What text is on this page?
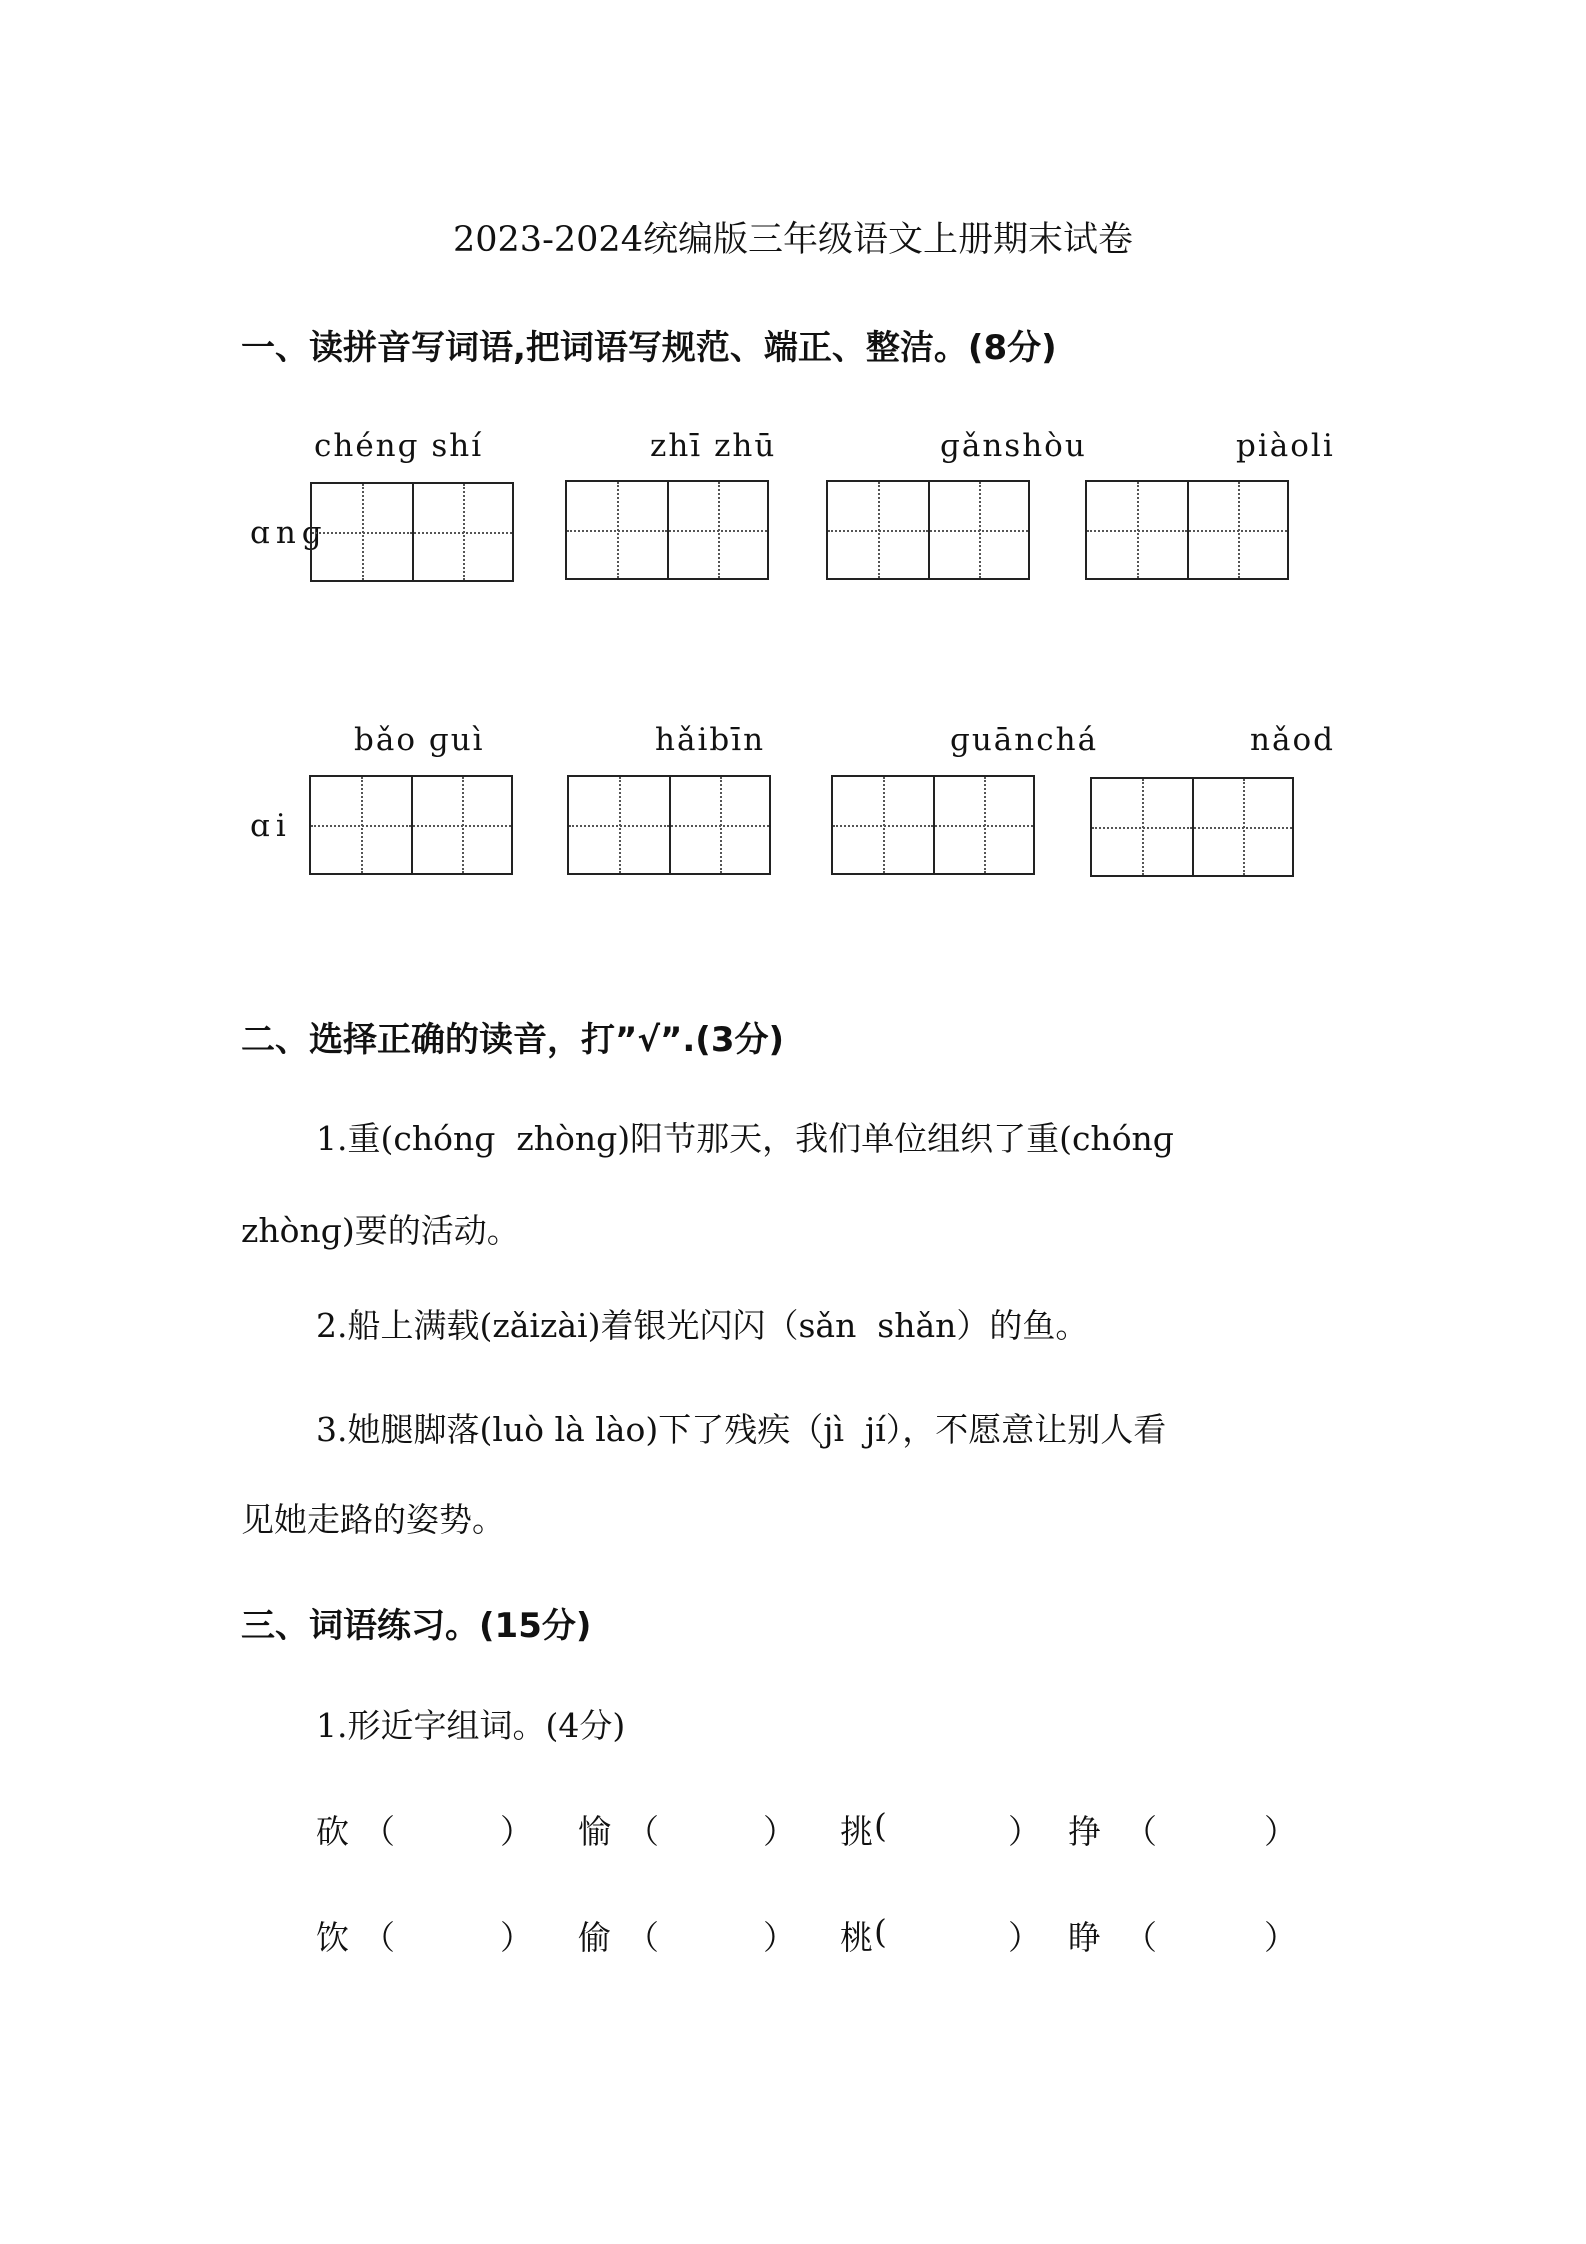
2023-2024统编版三年级语文上册期末试卷
一、读拼音写词语,把词语写规范、端正、整洁。(8分)
chénɡ shí	zhī zhū	ɡǎnshòu	piàoli
ɑnɡ
bǎo ɡuì	hǎibīn	ɡuānchá	nǎod
ɑi
二、选择正确的读音，打”√”.(3分)
1.重(chónɡ  zhònɡ)阳节那天，我们单位组织了重(chónɡ
zhònɡ)要的活动。
2.船上满载(zǎizài)着银光闪闪（sǎn  shǎn）的鱼。
3.她腿脚落(luò là lào)下了残疾（jì  jí），不愿意让别人看
见她走路的姿势。
三、词语练习。(15分)
1.形近字组词。(4分)
砍 （	） 愉 （	） 挑 (	） 挣 （	）
饮 （	） 偷 （	） 桃 (	） 睁 （	）
